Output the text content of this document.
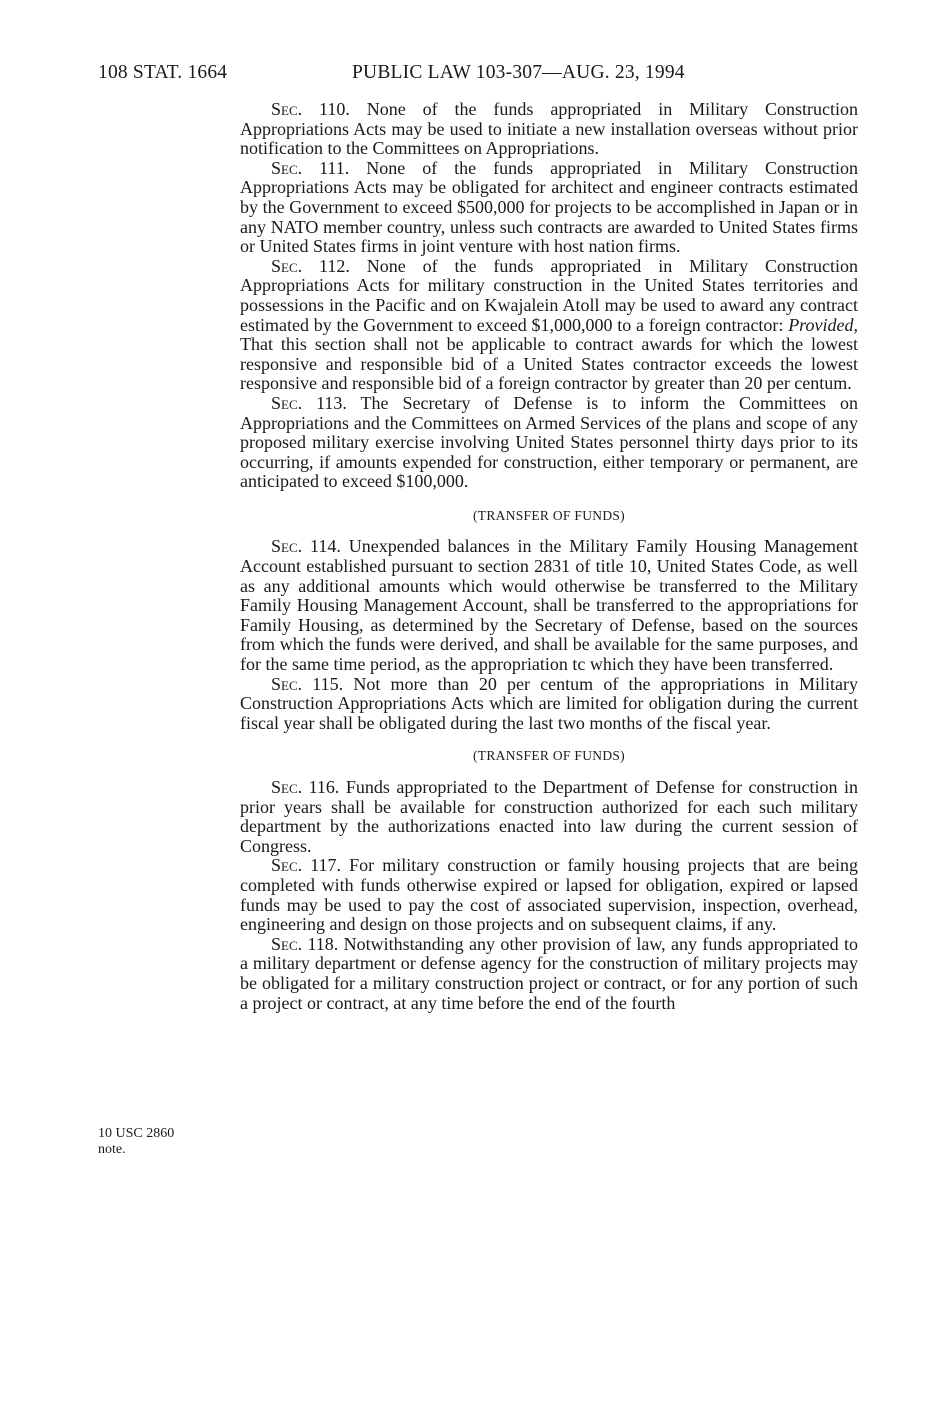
108 STAT. 1664	PUBLIC LAW 103-307—AUG. 23, 1994
10 USC 2860
note.

Sec. 110. None of the funds appropriated in Military Construction Appropriations Acts may be used to initiate a new installation overseas without prior notification to the Committees on Appropriations.

Sec. 111. None of the funds appropriated in Military Construction Appropriations Acts may be obligated for architect and engineer contracts estimated by the Government to exceed $500,000 for projects to be accomplished in Japan or in any NATO member country, unless such contracts are awarded to United States firms or United States firms in joint venture with host nation firms.

Sec. 112. None of the funds appropriated in Military Construction Appropriations Acts for military construction in the United States territories and possessions in the Pacific and on Kwajalein Atoll may be used to award any contract estimated by the Government to exceed $1,000,000 to a foreign contractor: Provided, That this section shall not be applicable to contract awards for which the lowest responsive and responsible bid of a United States contractor exceeds the lowest responsive and responsible bid of a foreign contractor by greater than 20 per centum.

Sec. 113. The Secretary of Defense is to inform the Committees on Appropriations and the Committees on Armed Services of the plans and scope of any proposed military exercise involving United States personnel thirty days prior to its occurring, if amounts expended for construction, either temporary or permanent, are anticipated to exceed $100,000.

(TRANSFER OF FUNDS)

Sec. 114. Unexpended balances in the Military Family Housing Management Account established pursuant to section 2831 of title 10, United States Code, as well as any additional amounts which would otherwise be transferred to the Military Family Housing Management Account, shall be transferred to the appropriations for Family Housing, as determined by the Secretary of Defense, based on the sources from which the funds were derived, and shall be available for the same purposes, and for the same time period, as the appropriation tc which they have been transferred.

Sec. 115. Not more than 20 per centum of the appropriations in Military Construction Appropriations Acts which are limited for obligation during the current fiscal year shall be obligated during the last two months of the fiscal year.

(TRANSFER OF FUNDS)

Sec. 116. Funds appropriated to the Department of Defense for construction in prior years shall be available for construction authorized for each such military department by the authorizations enacted into law during the current session of Congress.

Sec. 117. For military construction or family housing projects that are being completed with funds otherwise expired or lapsed for obligation, expired or lapsed funds may be used to pay the cost of associated supervision, inspection, overhead, engineering and design on those projects and on subsequent claims, if any.

Sec. 118. Notwithstanding any other provision of law, any funds appropriated to a military department or defense agency for the construction of military projects may be obligated for a military construction project or contract, or for any portion of such a project or contract, at any time before the end of the fourth
